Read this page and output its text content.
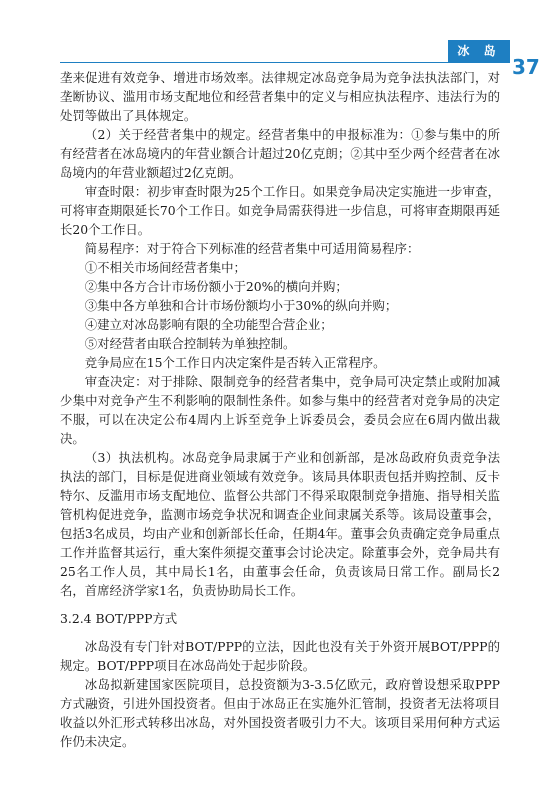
冰 岛
37

垄来促进有效竞争、增进市场效率。法律规定冰岛竞争局为竞争法执法部门，对垄断协议、滥用市场支配地位和经营者集中的定义与相应执法程序、违法行为的处罚等做出了具体规定。

（2）关于经营者集中的规定。经营者集中的申报标准为：①参与集中的所有经营者在冰岛境内的年营业额合计超过20亿克朗；②其中至少两个经营者在冰岛境内的年营业额超过2亿克朗。

审查时限：初步审查时限为25个工作日。如果竞争局决定实施进一步审查，可将审查期限延长70个工作日。如竞争局需获得进一步信息，可将审查期限再延长20个工作日。

简易程序：对于符合下列标准的经营者集中可适用简易程序：

①不相关市场间经营者集中；

②集中各方合计市场份额小于20%的横向并购；

③集中各方单独和合计市场份额均小于30%的纵向并购；

④建立对冰岛影响有限的全功能型合营企业；

⑤对经营者由联合控制转为单独控制。

竞争局应在15个工作日内决定案件是否转入正常程序。

审查决定：对于排除、限制竞争的经营者集中，竞争局可决定禁止或附加减少集中对竞争产生不利影响的限制性条件。如参与集中的经营者对竞争局的决定不服，可以在决定公布4周内上诉至竞争上诉委员会，委员会应在6周内做出裁决。

（3）执法机构。冰岛竞争局隶属于产业和创新部，是冰岛政府负责竞争法执法的部门，目标是促进商业领域有效竞争。该局具体职责包括并购控制、反卡特尔、反滥用市场支配地位、监督公共部门不得采取限制竞争措施、指导相关监管机构促进竞争，监测市场竞争状况和调查企业间隶属关系等。该局设董事会，包括3名成员，均由产业和创新部长任命，任期4年。董事会负责确定竞争局重点工作并监督其运行，重大案件须提交董事会讨论决定。除董事会外，竞争局共有25名工作人员，其中局长1名，由董事会任命，负责该局日常工作。副局长2名，首席经济学家1名，负责协助局长工作。

3.2.4 BOT/PPP方式

冰岛没有专门针对BOT/PPP的立法，因此也没有关于外资开展BOT/PPP的规定。BOT/PPP项目在冰岛尚处于起步阶段。

冰岛拟新建国家医院项目，总投资额为3-3.5亿欧元，政府曾设想采取PPP方式融资，引进外国投资者。但由于冰岛正在实施外汇管制，投资者无法将项目收益以外汇形式转移出冰岛，对外国投资者吸引力不大。该项目采用何种方式运作仍未决定。
